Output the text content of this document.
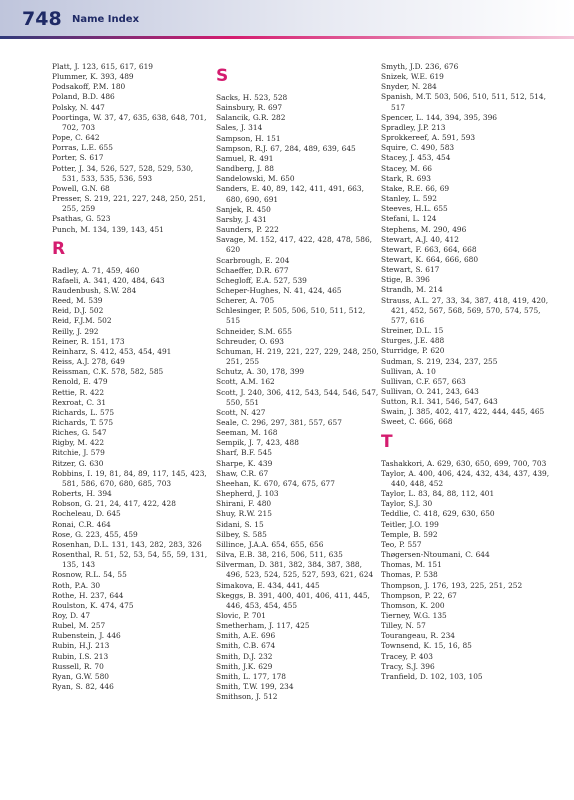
748 Name Index
Platt, J. 123, 615, 617, 619
Plummer, K. 393, 489
Podsakoff, P.M. 180
Poland, B.D. 486
Polsky, N. 447
Poortinga, W. 37, 47, 635, 638, 648, 701, 702, 703
Pope, C. 642
Porras, L.E. 655
Porter, S. 617
Potter, J. 34, 526, 527, 528, 529, 530, 531, 533, 535, 536, 593
Powell, G.N. 68
Presser, S. 219, 221, 227, 248, 250, 251, 255, 259
Psathas, G. 523
Punch, M. 134, 139, 143, 451
R
Radley, A. 71, 459, 460
Rafaeli, A. 341, 420, 484, 643
Raudenbush, S.W. 284
Reed, M. 539
Reid, D.J. 502
Reid, F.J.M. 502
Reilly, J. 292
Reiner, R. 151, 173
Reinharz, S. 412, 453, 454, 491
Reiss, A.J. 278, 649
Reissman, C.K. 578, 582, 585
Renold, E. 479
Rettie, R. 422
Rexroat, C. 31
Richards, L. 575
Richards, T. 575
Riches, G. 547
Rigby, M. 422
Ritchie, J. 579
Ritzer, G. 630
Robbins, I. 19, 81, 84, 89, 117, 145, 423, 581, 586, 670, 680, 685, 703
Roberts, H. 394
Robson, G. 21, 24, 417, 422, 428
Rocheleau, D. 645
Ronai, C.R. 464
Rose, G. 223, 455, 459
Rosenhan, D.L. 131, 143, 282, 283, 326
Rosenthal, R. 51, 52, 53, 54, 55, 59, 131, 135, 143
Rosnow, R.L. 54, 55
Roth, P.A. 30
Rothe, H. 237, 644
Roulston, K. 474, 475
Roy, D. 47
Rubel, M. 257
Rubenstein, J. 446
Rubin, H.J. 213
Rubin, I.S. 213
Russell, R. 70
Ryan, G.W. 580
Ryan, S. 82, 446
S
Sacks, H. 523, 528
Sainsbury, R. 697
Salancik, G.R. 282
Sales, J. 314
Sampson, H. 151
Sampson, R.J. 67, 284, 489, 639, 645
Samuel, R. 491
Sandberg, J. 88
Sandelowski, M. 650
Sanders, E. 40, 89, 142, 411, 491, 663, 680, 690, 691
Sanjek, R. 450
Sarsby, J. 431
Saunders, P. 222
Savage, M. 152, 417, 422, 428, 478, 586, 620
Scarbrough, E. 204
Schaeffer, D.R. 677
Schegloff, E.A. 527, 539
Scheper-Hughes, N. 41, 424, 465
Scherer, A. 705
Schlesinger, P. 505, 506, 510, 511, 512, 515
Schneider, S.M. 655
Schreuder, O. 693
Schuman, H. 219, 221, 227, 229, 248, 250, 251, 255
Schutz, A. 30, 178, 399
Scott, A.M. 162
Scott, J. 240, 306, 412, 543, 544, 546, 547, 550, 551
Scott, N. 427
Seale, C. 296, 297, 381, 557, 657
Seeman, M. 168
Sempik, J. 7, 423, 488
Sharf, B.F. 545
Sharpe, K. 439
Shaw, C.R. 67
Sheehan, K. 670, 674, 675, 677
Shepherd, J. 103
Shirani, F. 480
Shuy, R.W. 215
Sidani, S. 15
Silbey, S. 585
Sillince, J.A.A. 654, 655, 656
Silva, E.B. 38, 216, 506, 511, 635
Silverman, D. 381, 382, 384, 387, 388, 496, 523, 524, 525, 527, 593, 621, 624
Simakova, E. 434, 441, 445
Skeggs, B. 391, 400, 401, 406, 411, 445, 446, 453, 454, 455
Slovic, P. 701
Smetherham, J. 117, 425
Smith, A.E. 696
Smith, C.B. 674
Smith, D.J. 232
Smith, J.K. 629
Smith, L. 177, 178
Smith, T.W. 199, 234
Smithson, J. 512
Smyth, J.D. 236, 676
Snizek, W.E. 619
Snyder, N. 284
Spanish, M.T. 503, 506, 510, 511, 512, 514, 517
Spencer, L. 144, 394, 395, 396
Spradley, J.P. 213
Sprokkereef, A. 591, 593
Squire, C. 490, 583
Stacey, J. 453, 454
Stacey, M. 66
Stark, R. 693
Stake, R.E. 66, 69
Stanley, L. 592
Steeves, H.L. 655
Stefani, L. 124
Stephens, M. 290, 496
Stewart, A.J. 40, 412
Stewart, F. 663, 664, 668
Stewart, K. 664, 666, 680
Stewart, S. 617
Stige, B. 396
Strandh, M. 214
Strauss, A.L. 27, 33, 34, 387, 418, 419, 420, 421, 452, 567, 568, 569, 570, 574, 575, 577, 616
Streiner, D.L. 15
Sturges, J.E. 488
Sturridge, P. 620
Sudman, S. 219, 234, 237, 255
Sullivan, A. 10
Sullivan, C.F. 657, 663
Sullivan, O. 241, 243, 643
Sutton, R.I. 341, 546, 547, 643
Swain, J. 385, 402, 417, 422, 444, 445, 465
Sweet, C. 666, 668
T
Tashakkori, A. 629, 630, 650, 699, 700, 703
Taylor, A. 400, 406, 424, 432, 434, 437, 439, 440, 448, 452
Taylor, L. 83, 84, 88, 112, 401
Taylor, S.J. 30
Teddlie, C. 418, 629, 630, 650
Teitler, J.O. 199
Temple, B. 592
Teo, P. 557
Thøgersen-Ntoumani, C. 644
Thomas, M. 151
Thomas, P. 538
Thompson, J. 176, 193, 225, 251, 252
Thompson, P. 22, 67
Thomson, K. 200
Tierney, W.G. 135
Tilley, N. 57
Tourangeau, R. 234
Townsend, K. 15, 16, 85
Tracey, P. 403
Tracy, S.J. 396
Tranfield, D. 102, 103, 105
